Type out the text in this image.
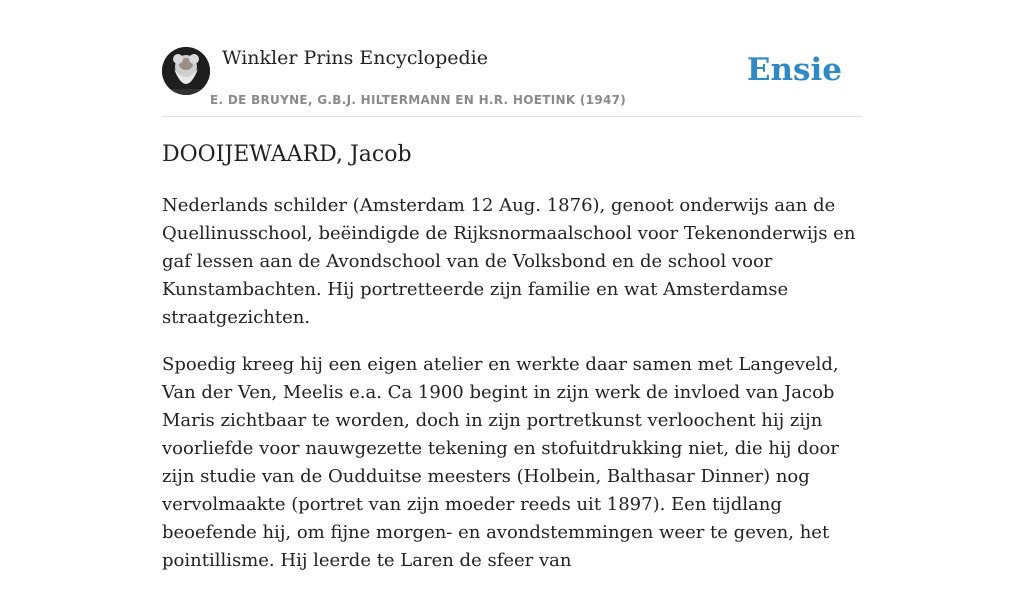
Winkler Prins Encyclopedie
E. DE BRUYNE, G.B.J. HILTERMANN EN H.R. HOETINK (1947)
Ensie
DOOIJEWAARD, Jacob

Nederlands schilder (Amsterdam 12 Aug. 1876), genoot onderwijs aan de Quellinusschool, beëindigde de Rijksnormaalschool voor Tekenonderwijs en gaf lessen aan de Avondschool van de Volksbond en de school voor Kunstambachten. Hij portretteerde zijn familie en wat Amsterdamse straatgezichten.

Spoedig kreeg hij een eigen atelier en werkte daar samen met Langeveld, Van der Ven, Meelis e.a. Ca 1900 begint in zijn werk de invloed van Jacob Maris zichtbaar te worden, doch in zijn portretkunst verloochent hij zijn voorliefde voor nauwgezette tekening en stofuitdrukking niet, die hij door zijn studie van de Oudduitse meesters (Holbein, Balthasar Dinner) nog vervolmaakte (portret van zijn moeder reeds uit 1897). Een tijdlang beoefende hij, om fijne morgen- en avondstemmingen weer te geven, het pointillisme. Hij leerde te Laren de sfeer van
